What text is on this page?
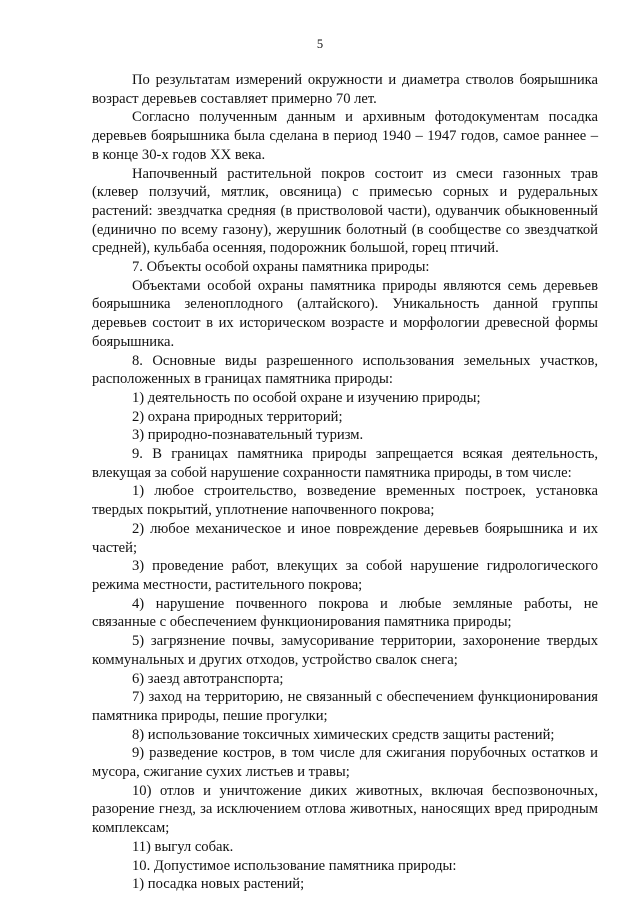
5

По результатам измерений окружности и диаметра стволов боярышника возраст деревьев составляет примерно 70 лет.

Согласно полученным данным и архивным фотодокументам посадка деревьев боярышника была сделана в период 1940 – 1947 годов, самое раннее – в конце 30-х годов XX века.

Напочвенный растительной покров состоит из смеси газонных трав (клевер ползучий, мятлик, овсяница) с примесью сорных и рудеральных растений: звездчатка средняя (в пристволовой части), одуванчик обыкновенный (единично по всему газону), жерушник болотный (в сообществе со звездчаткой средней), кульбаба осенняя, подорожник большой, горец птичий.

7. Объекты особой охраны памятника природы:

Объектами особой охраны памятника природы являются семь деревьев боярышника зеленоплодного (алтайского). Уникальность данной группы деревьев состоит в их историческом возрасте и морфологии древесной формы боярышника.

8. Основные виды разрешенного использования земельных участков, расположенных в границах памятника природы:

1) деятельность по особой охране и изучению природы;

2) охрана природных территорий;

3) природно-познавательный туризм.

9. В границах памятника природы запрещается всякая деятельность, влекущая за собой нарушение сохранности памятника природы, в том числе:

1) любое строительство, возведение временных построек, установка твердых покрытий, уплотнение напочвенного покрова;

2) любое механическое и иное повреждение деревьев боярышника и их частей;

3) проведение работ, влекущих за собой нарушение гидрологического режима местности, растительного покрова;

4) нарушение почвенного покрова и любые земляные работы, не связанные с обеспечением функционирования памятника природы;

5) загрязнение почвы, замусоривание территории, захоронение твердых коммунальных и других отходов, устройство свалок снега;

6) заезд автотранспорта;

7) заход на территорию, не связанный с обеспечением функционирования памятника природы, пешие прогулки;

8) использование токсичных химических средств защиты растений;

9) разведение костров, в том числе для сжигания порубочных остатков и мусора, сжигание сухих листьев и травы;

10) отлов и уничтожение диких животных, включая беспозвоночных, разорение гнезд, за исключением отлова животных, наносящих вред природным комплексам;

11) выгул собак.

10. Допустимое использование памятника природы:

1) посадка новых растений;
